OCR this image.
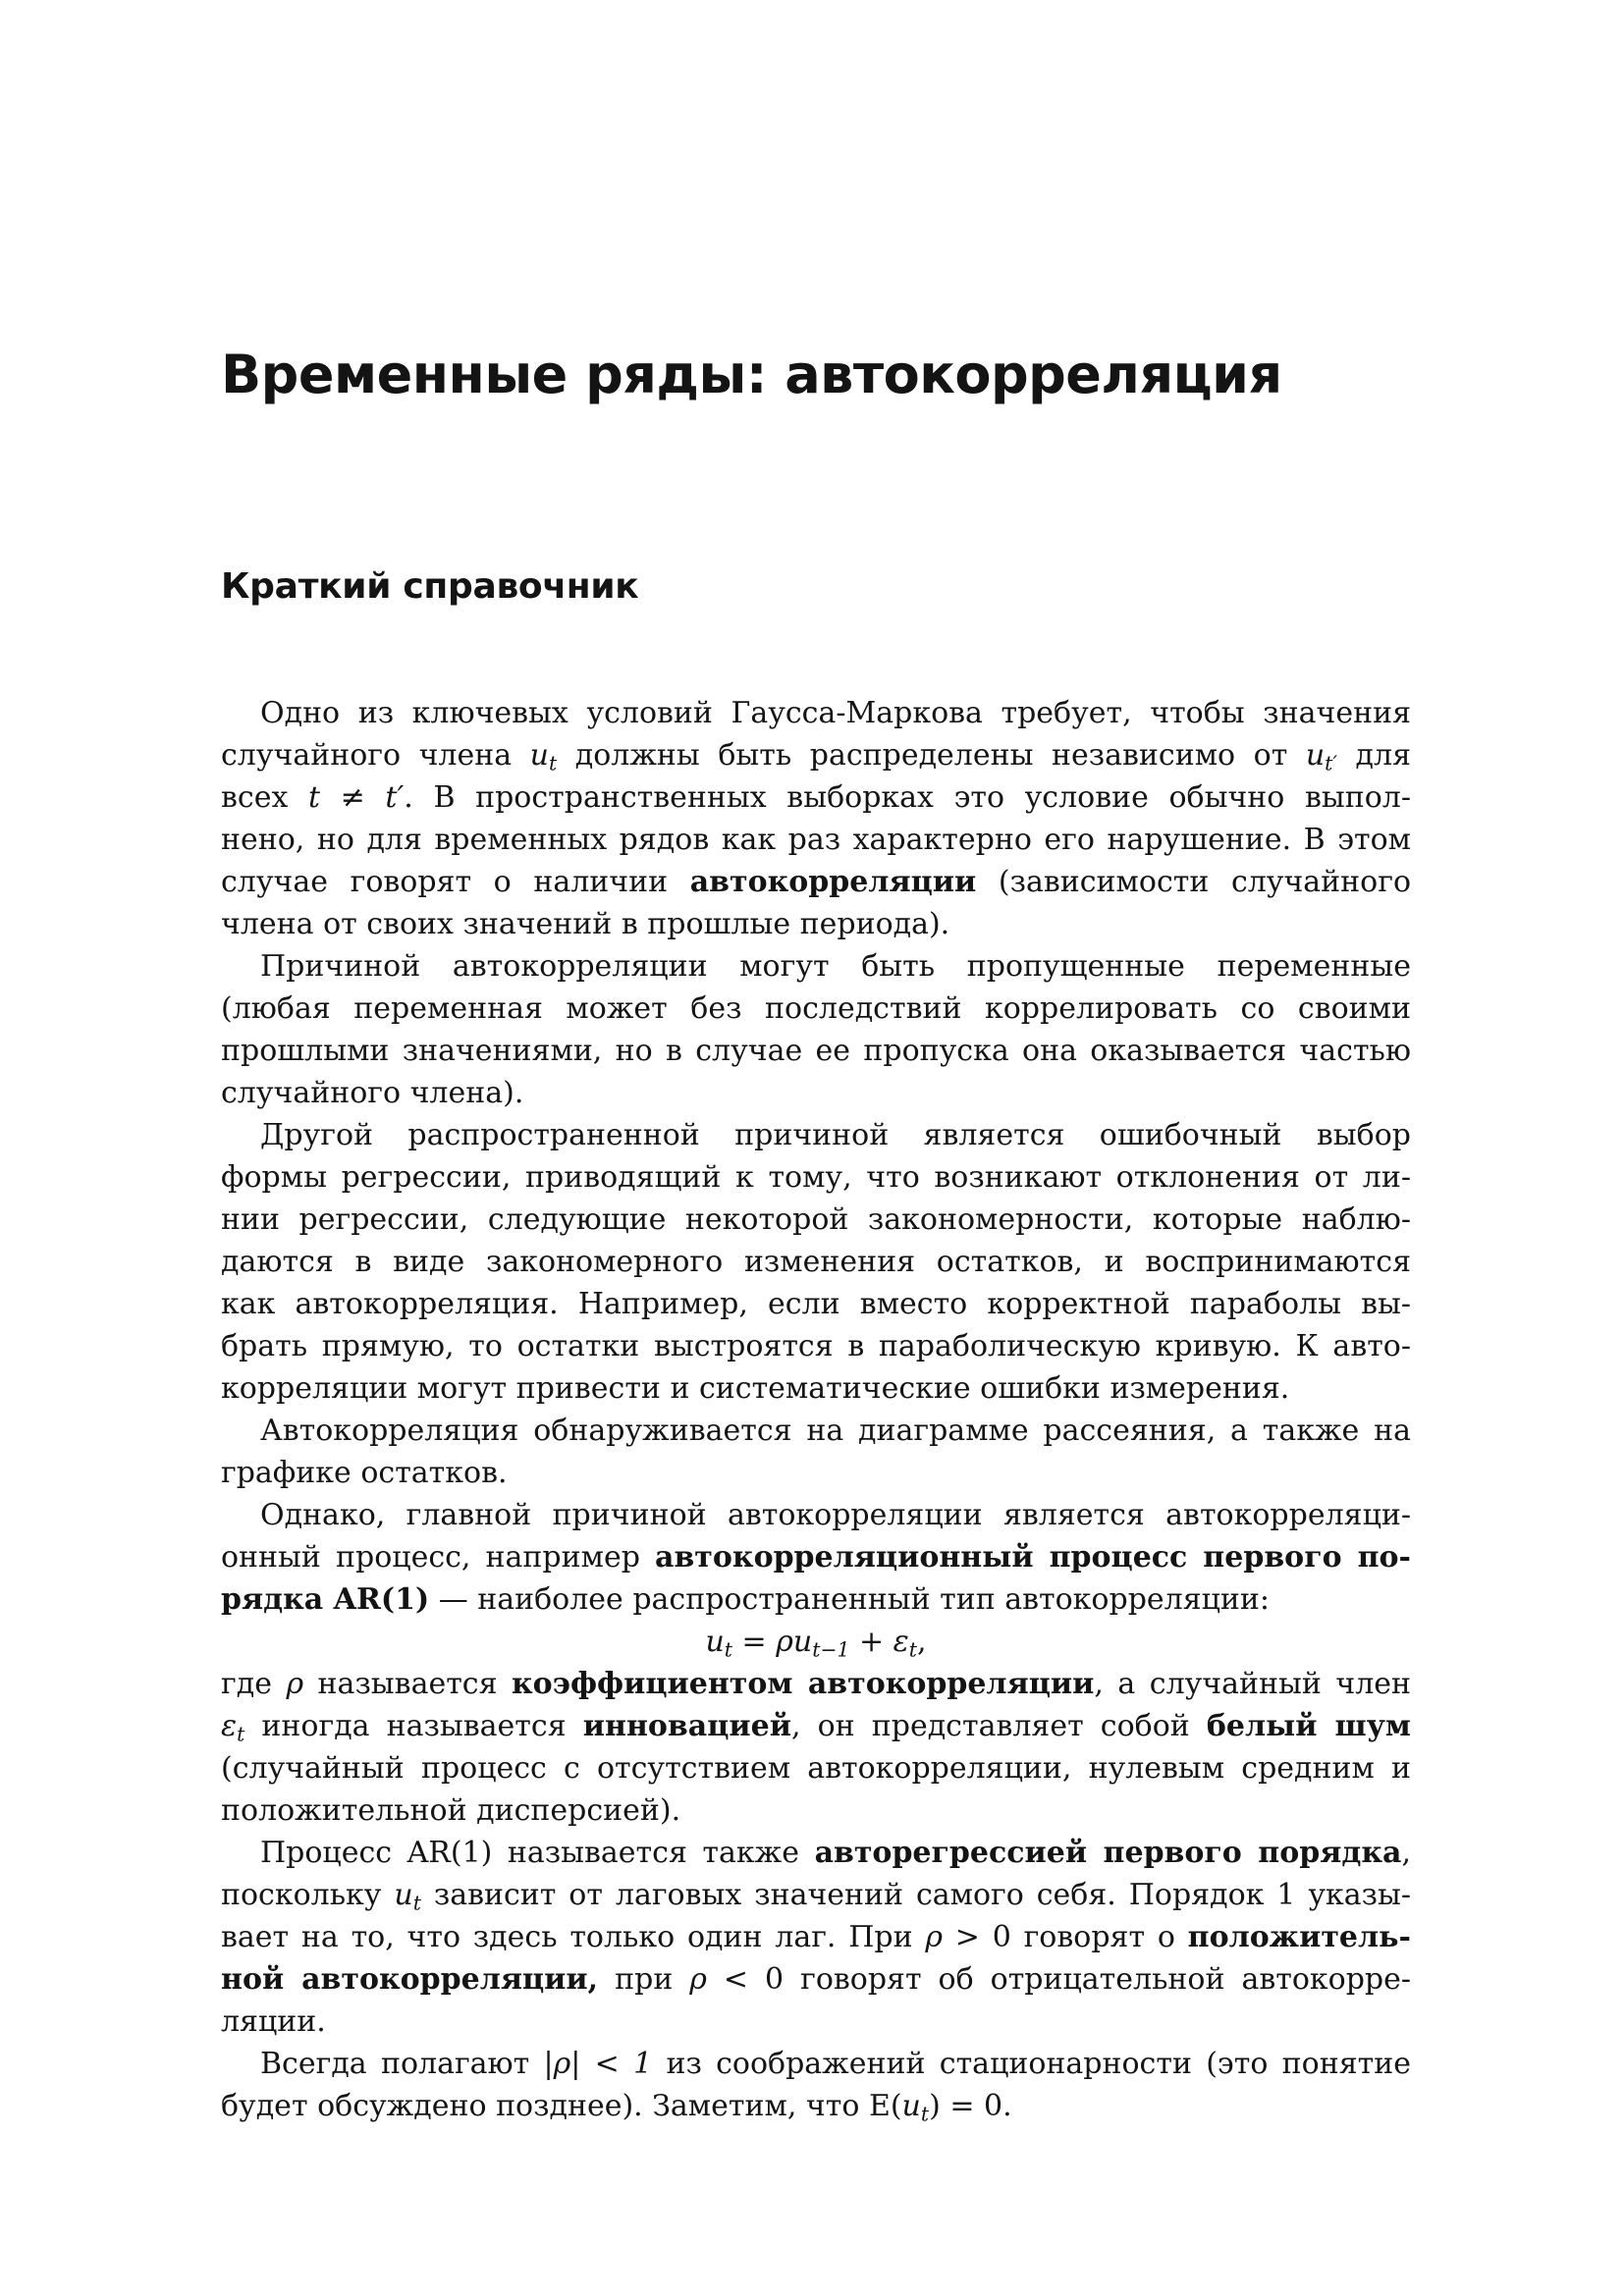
Временные ряды: автокорреляция
Краткий справочник
Одно из ключевых условий Гаусса-Маркова требует, чтобы значения
случайного члена $u_t$ должны быть распределены независимо от $u_{t'}$ для
всех t ≠ t′. В пространственных выборках это условие обычно выпол-
нено, но для временных рядов как раз характерно его нарушение. В этом
случае говорят о наличии автокорреляции (зависимости случайного
члена от своих значений в прошлые периода).
Причиной автокорреляции могут быть пропущенные переменные
(любая переменная может без последствий коррелировать со своими
прошлыми значениями, но в случае ее пропуска она оказывается частью
случайного члена).
Другой распространенной причиной является ошибочный выбор
формы регрессии, приводящий к тому, что возникают отклонения от ли-
нии регрессии, следующие некоторой закономерности, которые наблю-
даются в виде закономерного изменения остатков, и воспринимаются
как автокорреляция. Например, если вместо корректной параболы вы-
брать прямую, то остатки выстроятся в параболическую кривую. К авто-
корреляции могут привести и систематические ошибки измерения.
Автокорреляция обнаруживается на диаграмме рассеяния, а также на
графике остатков.
Однако, главной причиной автокорреляции является автокорреляци-
онный процесс, например автокорреляционный процесс первого по-
рядка AR(1) — наиболее распространенный тип автокорреляции:
$u_t = \rho u_{t-1} + \varepsilon_t$,
где ρ называется коэффициентом автокорреляции, а случайный член
$\varepsilon_t$ иногда называется инновацией, он представляет собой белый шум
(случайный процесс с отсутствием автокорреляции, нулевым средним и
положительной дисперсией).
Процесс AR(1) называется также авторегрессией первого порядка,
поскольку $u_t$ зависит от лаговых значений самого себя. Порядок 1 указы-
вает на то, что здесь только один лаг. При ρ > 0 говорят о положитель-
ной автокорреляции, при ρ < 0 говорят об отрицательной автокорре-
ляции.
Всегда полагают |ρ| < 1 из соображений стационарности (это понятие
будет обсуждено позднее). Заметим, что $E(u_t) = 0$.
